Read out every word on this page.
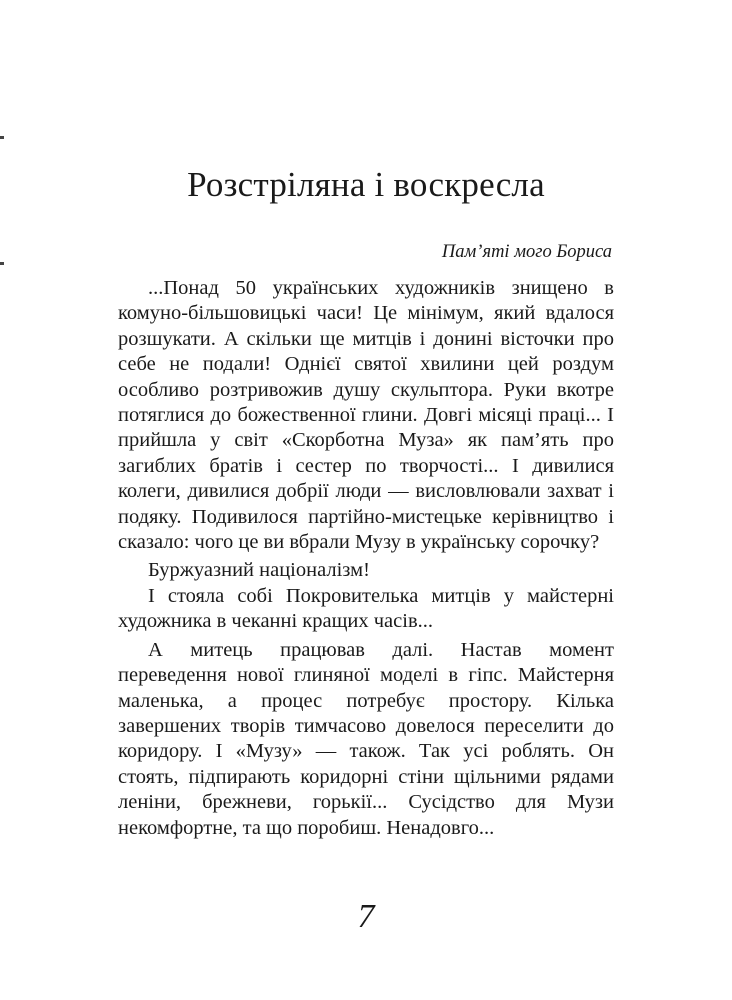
Розстріляна і воскресла

Пам’яті мого Бориса

...Понад 50 українських художників знищено в комуно-більшовицькі часи! Це мінімум, який вдалося розшукати. А скільки ще митців і донині вісточки про себе не подали! Однієї святої хвилини цей роздум особливо розтривожив душу скульптора. Руки вкотре потяглися до божественної глини. Довгі місяці праці... І прийшла у світ «Скорботна Муза» як пам’ять про загиблих братів і сестер по творчості... І дивилися колеги, дивилися добрії люди — висловлювали захват і подяку. Подивилося партійно-мистецьке керівництво і сказало: чого це ви вбрали Музу в українську сорочку?

Буржуазний націоналізм!

І стояла собі Покровителька митців у майстерні художника в чеканні кращих часів...

А митець працював далі. Настав момент переведення нової глиняної моделі в гіпс. Майстерня маленька, а процес потребує простору. Кілька завершених творів тимчасово довелося переселити до коридору. І «Музу» — також. Так усі роблять. Он стоять, підпирають коридорні стіни щільними рядами леніни, брежневи, горькії... Сусідство для Музи некомфортне, та що поробиш. Ненадовго...

7
